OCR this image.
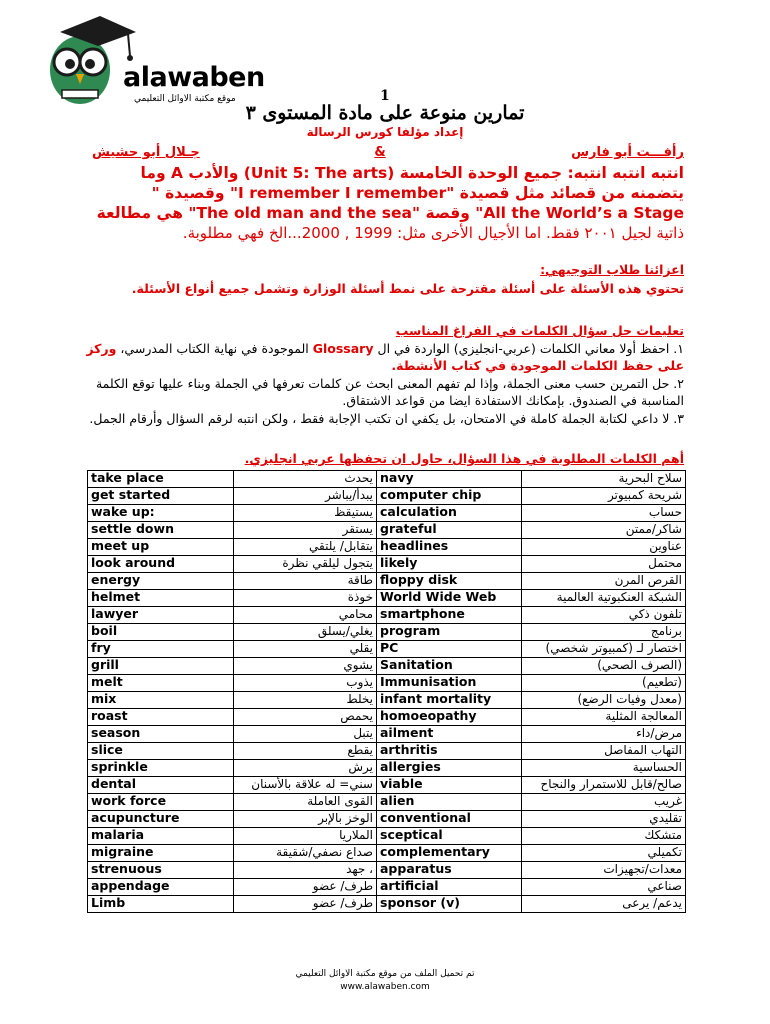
alawaben
موقع مكتبة الاوائل التعليمي	1
تمارين منوعة على مادة المستوى ٣
إعداد مؤلفا كورس الرسالة
رأفـــت أبو فارس
&
جـلال أبو حشيش

انتبه انتبه انتبه: جميع الوحدة الخامسة (Unit 5: The arts) والأدب A وما

يتضمنه من قصائد مثل قصيدة "I remember I remember" وقصيدة "

All the World’s a Stage" وقصة "The old man and the sea" هي مطالعة

ذاتية لجيل ٢٠٠١ فقط. اما الأجيال الأخرى مثل: 1999 , 2000...الخ فهي مطلوبة.

اعزائنا طلاب التوجيهي:
تحتوي هذه الأسئلة على أسئلة مقترحة على نمط أسئلة الوزارة وتشمل جميع أنواع الأسئلة.

تعليمات حل سؤال الكلمات في الفراغ المناسب

١. احفظ أولا معاني الكلمات (عربي-انجليزي) الواردة في ال Glossary الموجودة في نهاية الكتاب المدرسي، وركز على حفظ الكلمات الموجودة في كتاب الأنشطة.

٢. حل التمرين حسب معنى الجملة، وإذا لم تفهم المعنى ابحث عن كلمات تعرفها في الجملة وبناء عليها توقع الكلمة المناسبة في الصندوق. بإمكانك الاستفادة ايضا من قواعد الاشتقاق.

٣. لا داعي لكتابة الجملة كاملة في الامتحان، بل يكفي ان تكتب الإجابة فقط ، ولكن انتبه لرقم السؤال وأرقام الجمل.

أهم الكلمات المطلوبة في هذا السؤال، حاول ان تحفظها عربي انجليزي.
take place	يحدث	navy	سلاح البحرية
get started	يبدأ/يباشر	computer chip	شريحة كمبيوتر
wake up:	يستيقظ	calculation	حساب
settle down	يستقر	grateful	شاكر/ممتن
meet up	يتقابل/ يلتقي	headlines	عناوين
look around	يتجول ليلقي نظرة	likely	محتمل
energy	طاقة	floppy disk	القرص المرن
helmet	خوذة	World Wide Web	الشبكة العنكبوتية العالمية
lawyer	محامي	smartphone	تلفون ذكي
boil	يغلي/يسلق	program	برنامج
fry	يقلي	PC	اختصار لـ (كمبيوتر شخصي)
grill	يشوي	Sanitation	(الصرف الصحي)
melt	يذوب	Immunisation	(تطعيم)
mix	يخلط	infant mortality	(معدل وفيات الرضع)
roast	يحمص	homoeopathy	المعالجة المثلية
season	يتبل	ailment	مرض/داء
slice	يقطع	arthritis	التهاب المفاصل
sprinkle	يرش	allergies	الحساسية
dental	سني= له علاقة بالأسنان	viable	صالح/قابل للاستمرار والنجاح
work force	القوى العاملة	alien	غريب
acupuncture	الوخز بالإبر	conventional	تقليدي
malaria	الملاريا	sceptical	متشكك
migraine	صداع نصفي/شقيقة	complementary	تكميلي
strenuous	، جهد	apparatus	معدات/تجهيزات
appendage	طرف/ عضو	artificial	صناعي
Limb	طرف/ عضو	sponsor (v)	يدعم/ يرعى
تم تحميل الملف من موقع مكتبة الاوائل التعليمي
www.alawaben.com
